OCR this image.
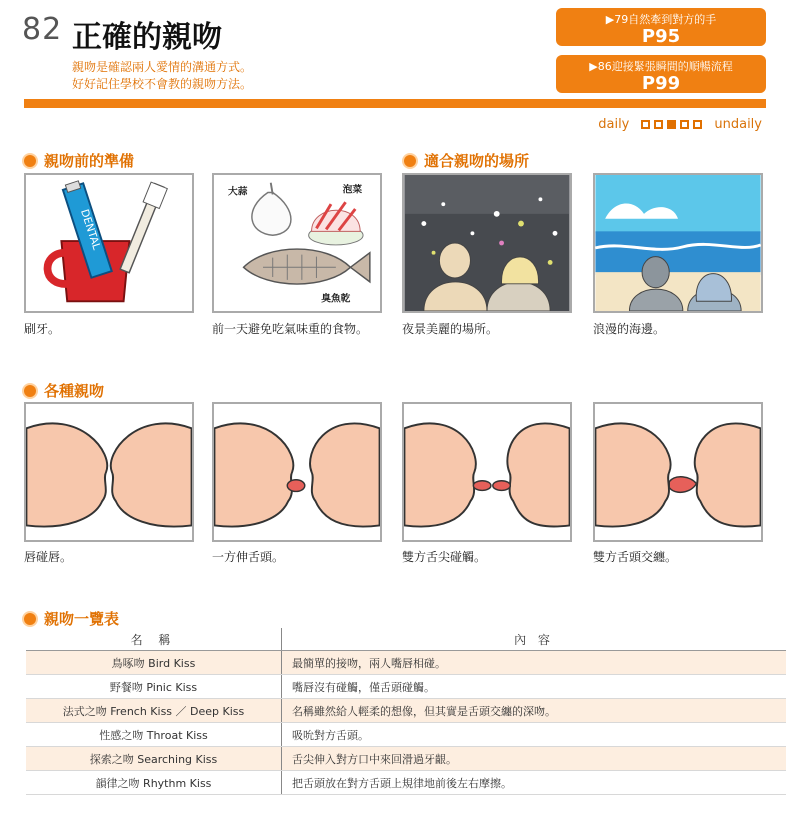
82 正確的親吻
親吻是確認兩人愛情的溝通方式。
好好記住學校不會教的親吻方法。
▶79自然牽到對方的手
P95
▶86迎接緊張瞬間的順暢流程
P99
daily	undaily
親吻前的準備	適合親吻的場所
DENTAL
刷牙。
大蒜	泡菜
臭魚乾
前一天避免吃氣味重的食物。	夜景美麗的場所。	浪漫的海邊。
各種親吻
唇碰唇。	一方伸舌頭。	雙方舌尖碰觸。	雙方舌頭交纏。
親吻一覽表
名 稱	內 容
鳥啄吻 Bird Kiss	最簡單的接吻，兩人嘴唇相碰。
野餐吻 Pinic Kiss	嘴唇沒有碰觸，僅舌頭碰觸。
法式之吻 French Kiss ／ Deep Kiss	名稱雖然給人輕柔的想像，但其實是舌頭交纏的深吻。
性感之吻 Throat Kiss	吸吮對方舌頭。
探索之吻 Searching Kiss	舌尖伸入對方口中來回滑過牙齦。
韻律之吻 Rhythm Kiss	把舌頭放在對方舌頭上規律地前後左右摩擦。
